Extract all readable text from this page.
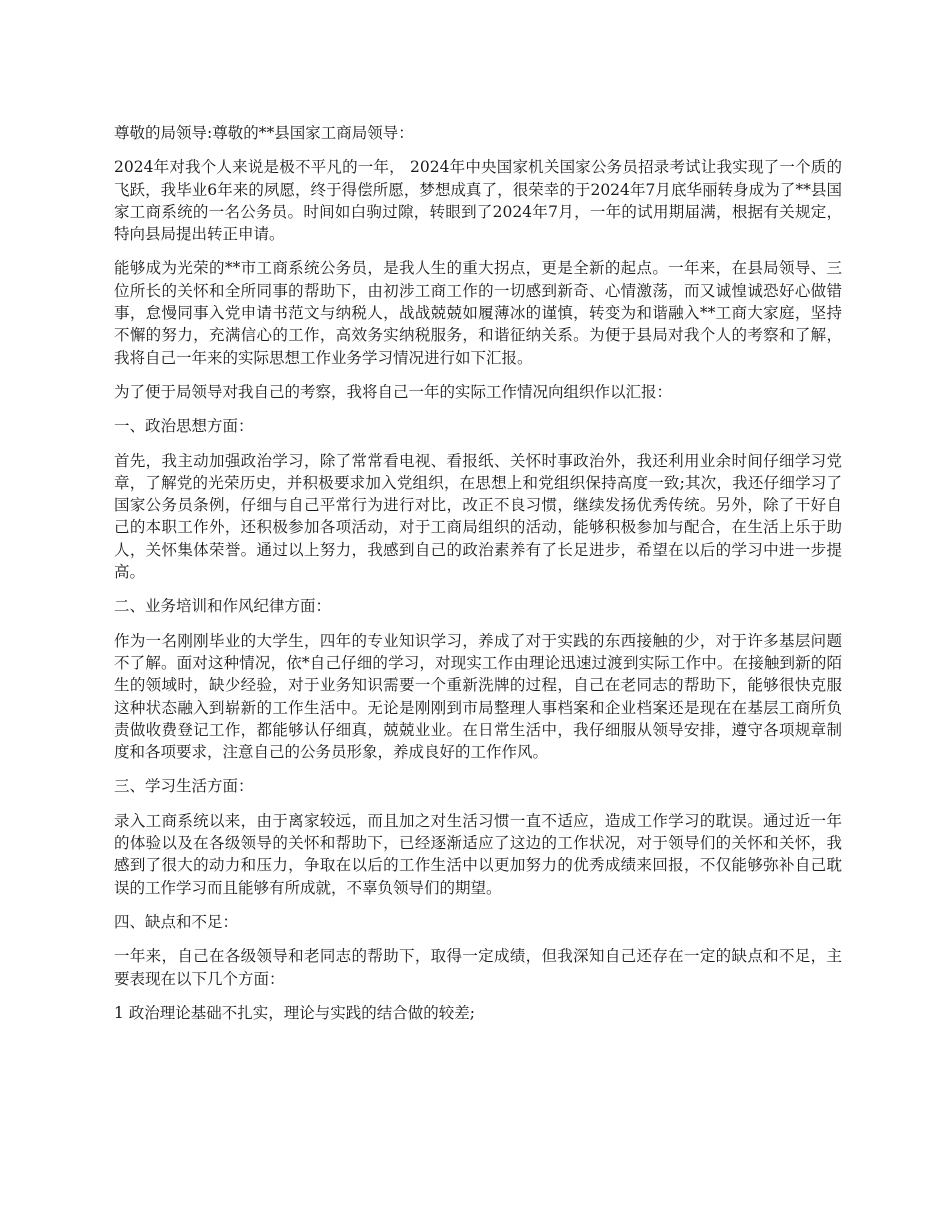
尊敬的局领导:尊敬的**县国家工商局领导：

2024年对我个人来说是极不平凡的一年， 2024年中央国家机关国家公务员招录考试让我实现了一个质的飞跃，我毕业6年来的夙愿，终于得偿所愿，梦想成真了，很荣幸的于2024年7月底华丽转身成为了**县国家工商系统的一名公务员。时间如白驹过隙，转眼到了2024年7月，一年的试用期届满，根据有关规定，特向县局提出转正申请。

能够成为光荣的**市工商系统公务员，是我人生的重大拐点，更是全新的起点。一年来，在县局领导、三位所长的关怀和全所同事的帮助下，由初涉工商工作的一切感到新奇、心情激荡，而又诚惶诚恐好心做错事，怠慢同事入党申请书范文与纳税人，战战兢兢如履薄冰的谨慎，转变为和谐融入**工商大家庭，坚持不懈的努力，充满信心的工作，高效务实纳税服务，和谐征纳关系。为便于县局对我个人的考察和了解，我将自己一年来的实际思想工作业务学习情况进行如下汇报。

为了便于局领导对我自己的考察，我将自己一年的实际工作情况向组织作以汇报：

一、政治思想方面：

首先，我主动加强政治学习，除了常常看电视、看报纸、关怀时事政治外，我还利用业余时间仔细学习党章，了解党的光荣历史，并积极要求加入党组织，在思想上和党组织保持高度一致;其次，我还仔细学习了国家公务员条例，仔细与自己平常行为进行对比，改正不良习惯，继续发扬优秀传统。另外，除了干好自己的本职工作外，还积极参加各项活动，对于工商局组织的活动，能够积极参加与配合，在生活上乐于助人，关怀集体荣誉。通过以上努力，我感到自己的政治素养有了长足进步，希望在以后的学习中进一步提高。

二、业务培训和作风纪律方面：

作为一名刚刚毕业的大学生，四年的专业知识学习，养成了对于实践的东西接触的少，对于许多基层问题不了解。面对这种情况，依*自己仔细的学习，对现实工作由理论迅速过渡到实际工作中。在接触到新的陌生的领域时，缺少经验，对于业务知识需要一个重新洗牌的过程，自己在老同志的帮助下，能够很快克服这种状态融入到崭新的工作生活中。无论是刚刚到市局整理人事档案和企业档案还是现在在基层工商所负责做收费登记工作，都能够认仔细真，兢兢业业。在日常生活中，我仔细服从领导安排，遵守各项规章制度和各项要求，注意自己的公务员形象，养成良好的工作作风。

三、学习生活方面：

录入工商系统以来，由于离家较远，而且加之对生活习惯一直不适应，造成工作学习的耽误。通过近一年的体验以及在各级领导的关怀和帮助下，已经逐渐适应了这边的工作状况，对于领导们的关怀和关怀，我感到了很大的动力和压力，争取在以后的工作生活中以更加努力的优秀成绩来回报，不仅能够弥补自己耽误的工作学习而且能够有所成就，不辜负领导们的期望。

四、缺点和不足：

一年来，自己在各级领导和老同志的帮助下，取得一定成绩，但我深知自己还存在一定的缺点和不足，主要表现在以下几个方面：

1 政治理论基础不扎实，理论与实践的结合做的较差;
